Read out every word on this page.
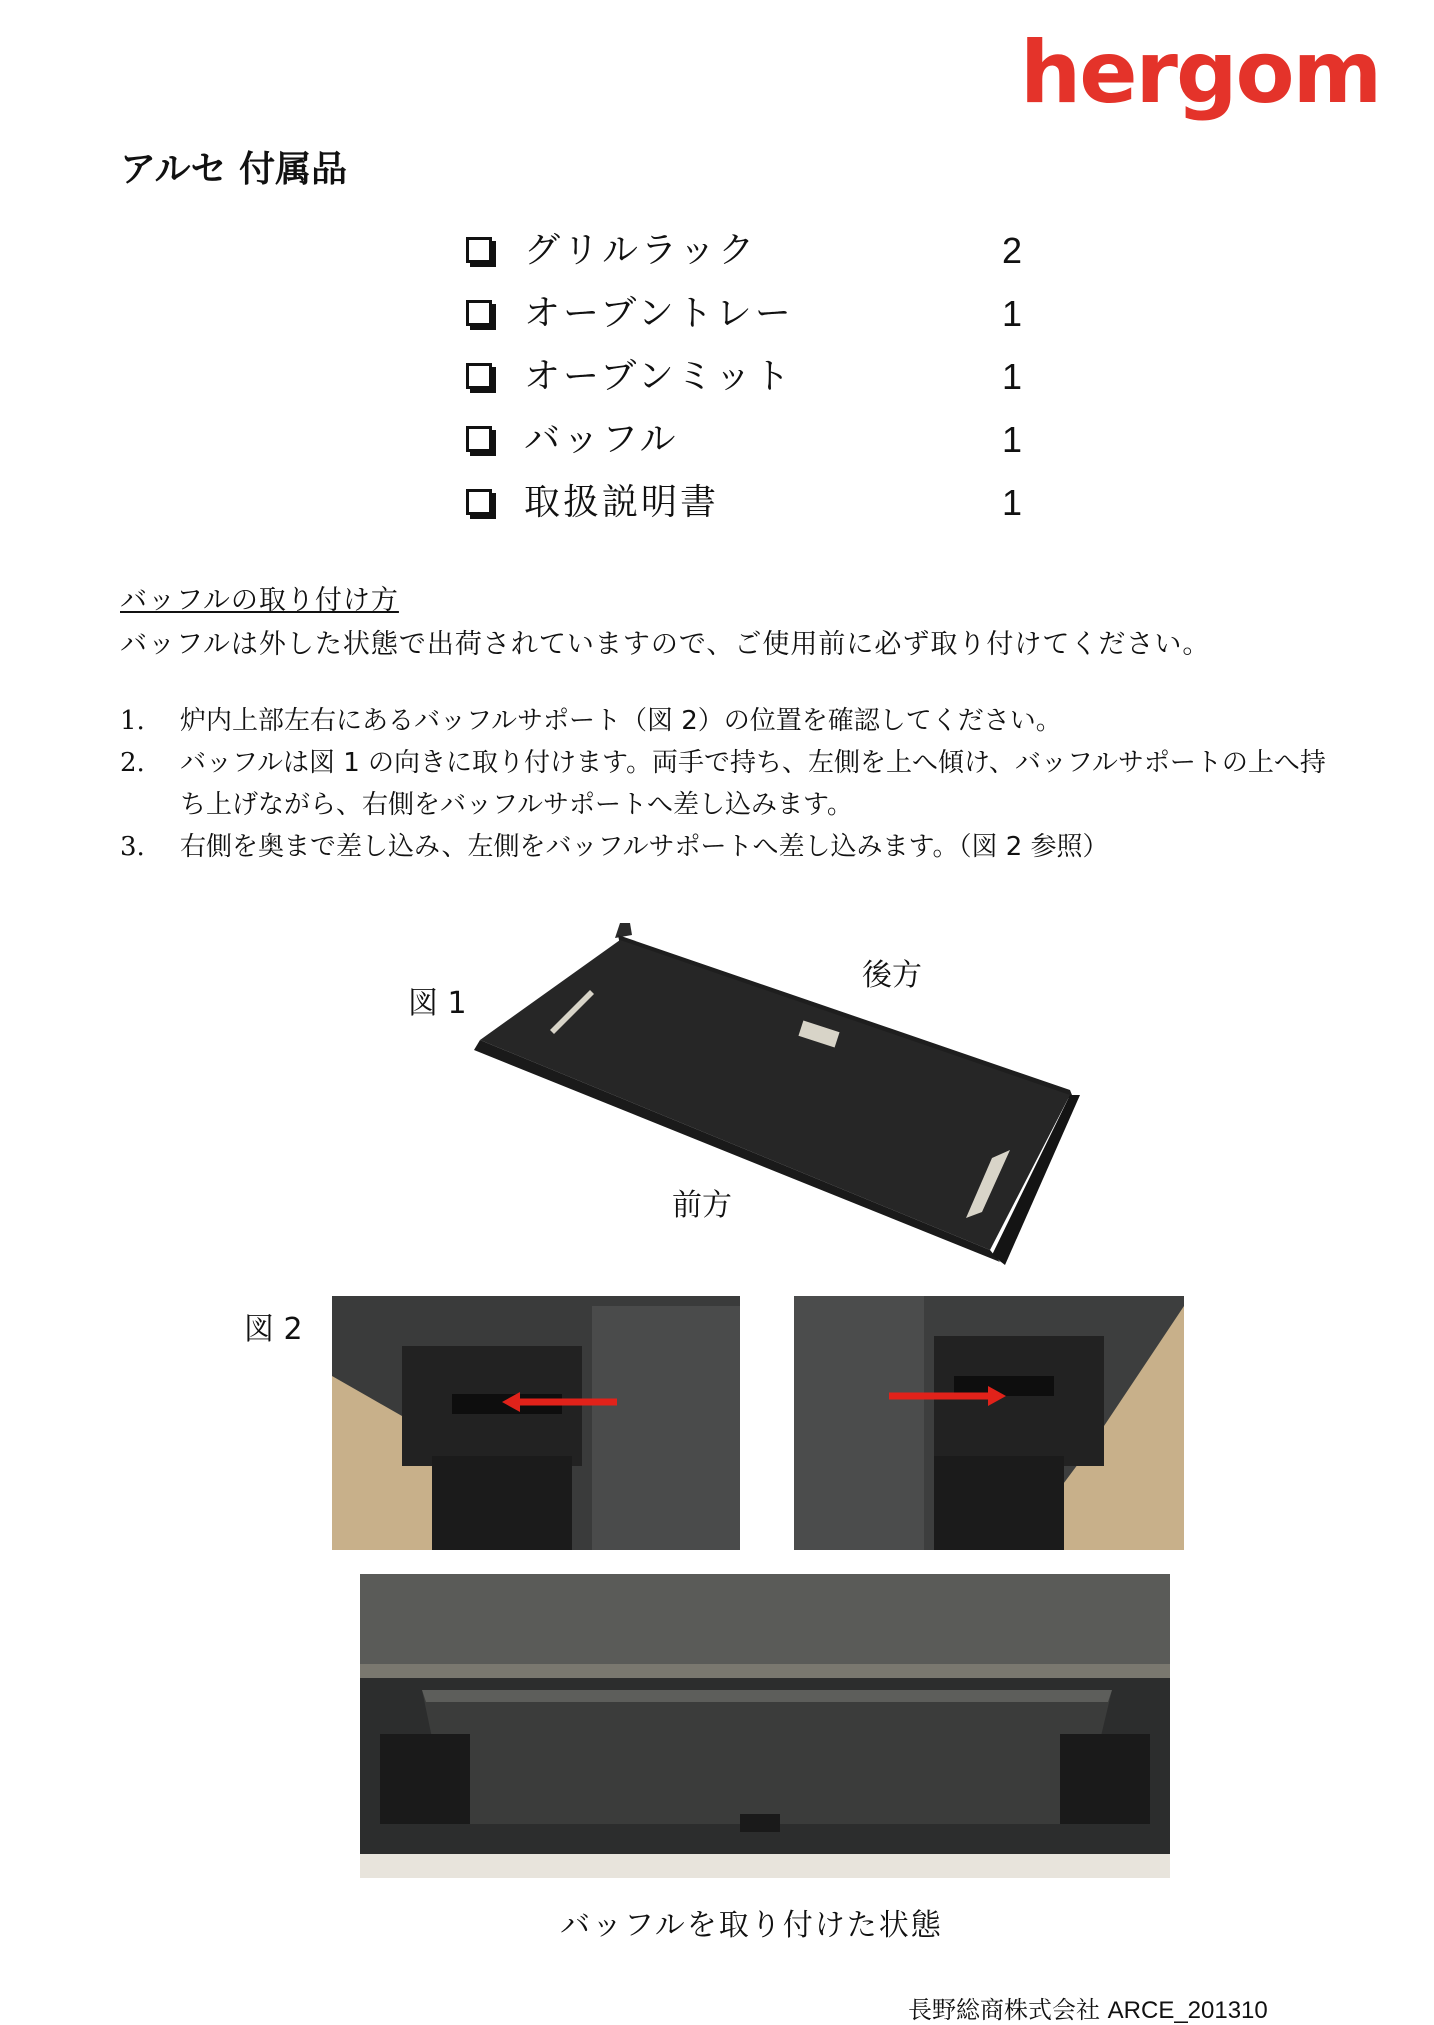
hergom
アルセ 付属品
グリルラック	2
オーブントレー	1
オーブンミット	1
バッフル	1
取扱説明書	1
バッフルの取り付け方
バッフルは外した状態で出荷されていますので、ご使用前に必ず取り付けてください。
1. 炉内上部左右にあるバッフルサポート（図 2）の位置を確認してください。
2. バッフルは図 1 の向きに取り付けます。両手で持ち、左側を上へ傾け、バッフルサポートの上へ持ち上げながら、右側をバッフルサポートへ差し込みます。
3. 右側を奥まで差し込み、左側をバッフルサポートへ差し込みます。（図 2 参照）
図 1
後方
前方
図 2
バッフルを取り付けた状態
長野総商株式会社 ARCE_201310
